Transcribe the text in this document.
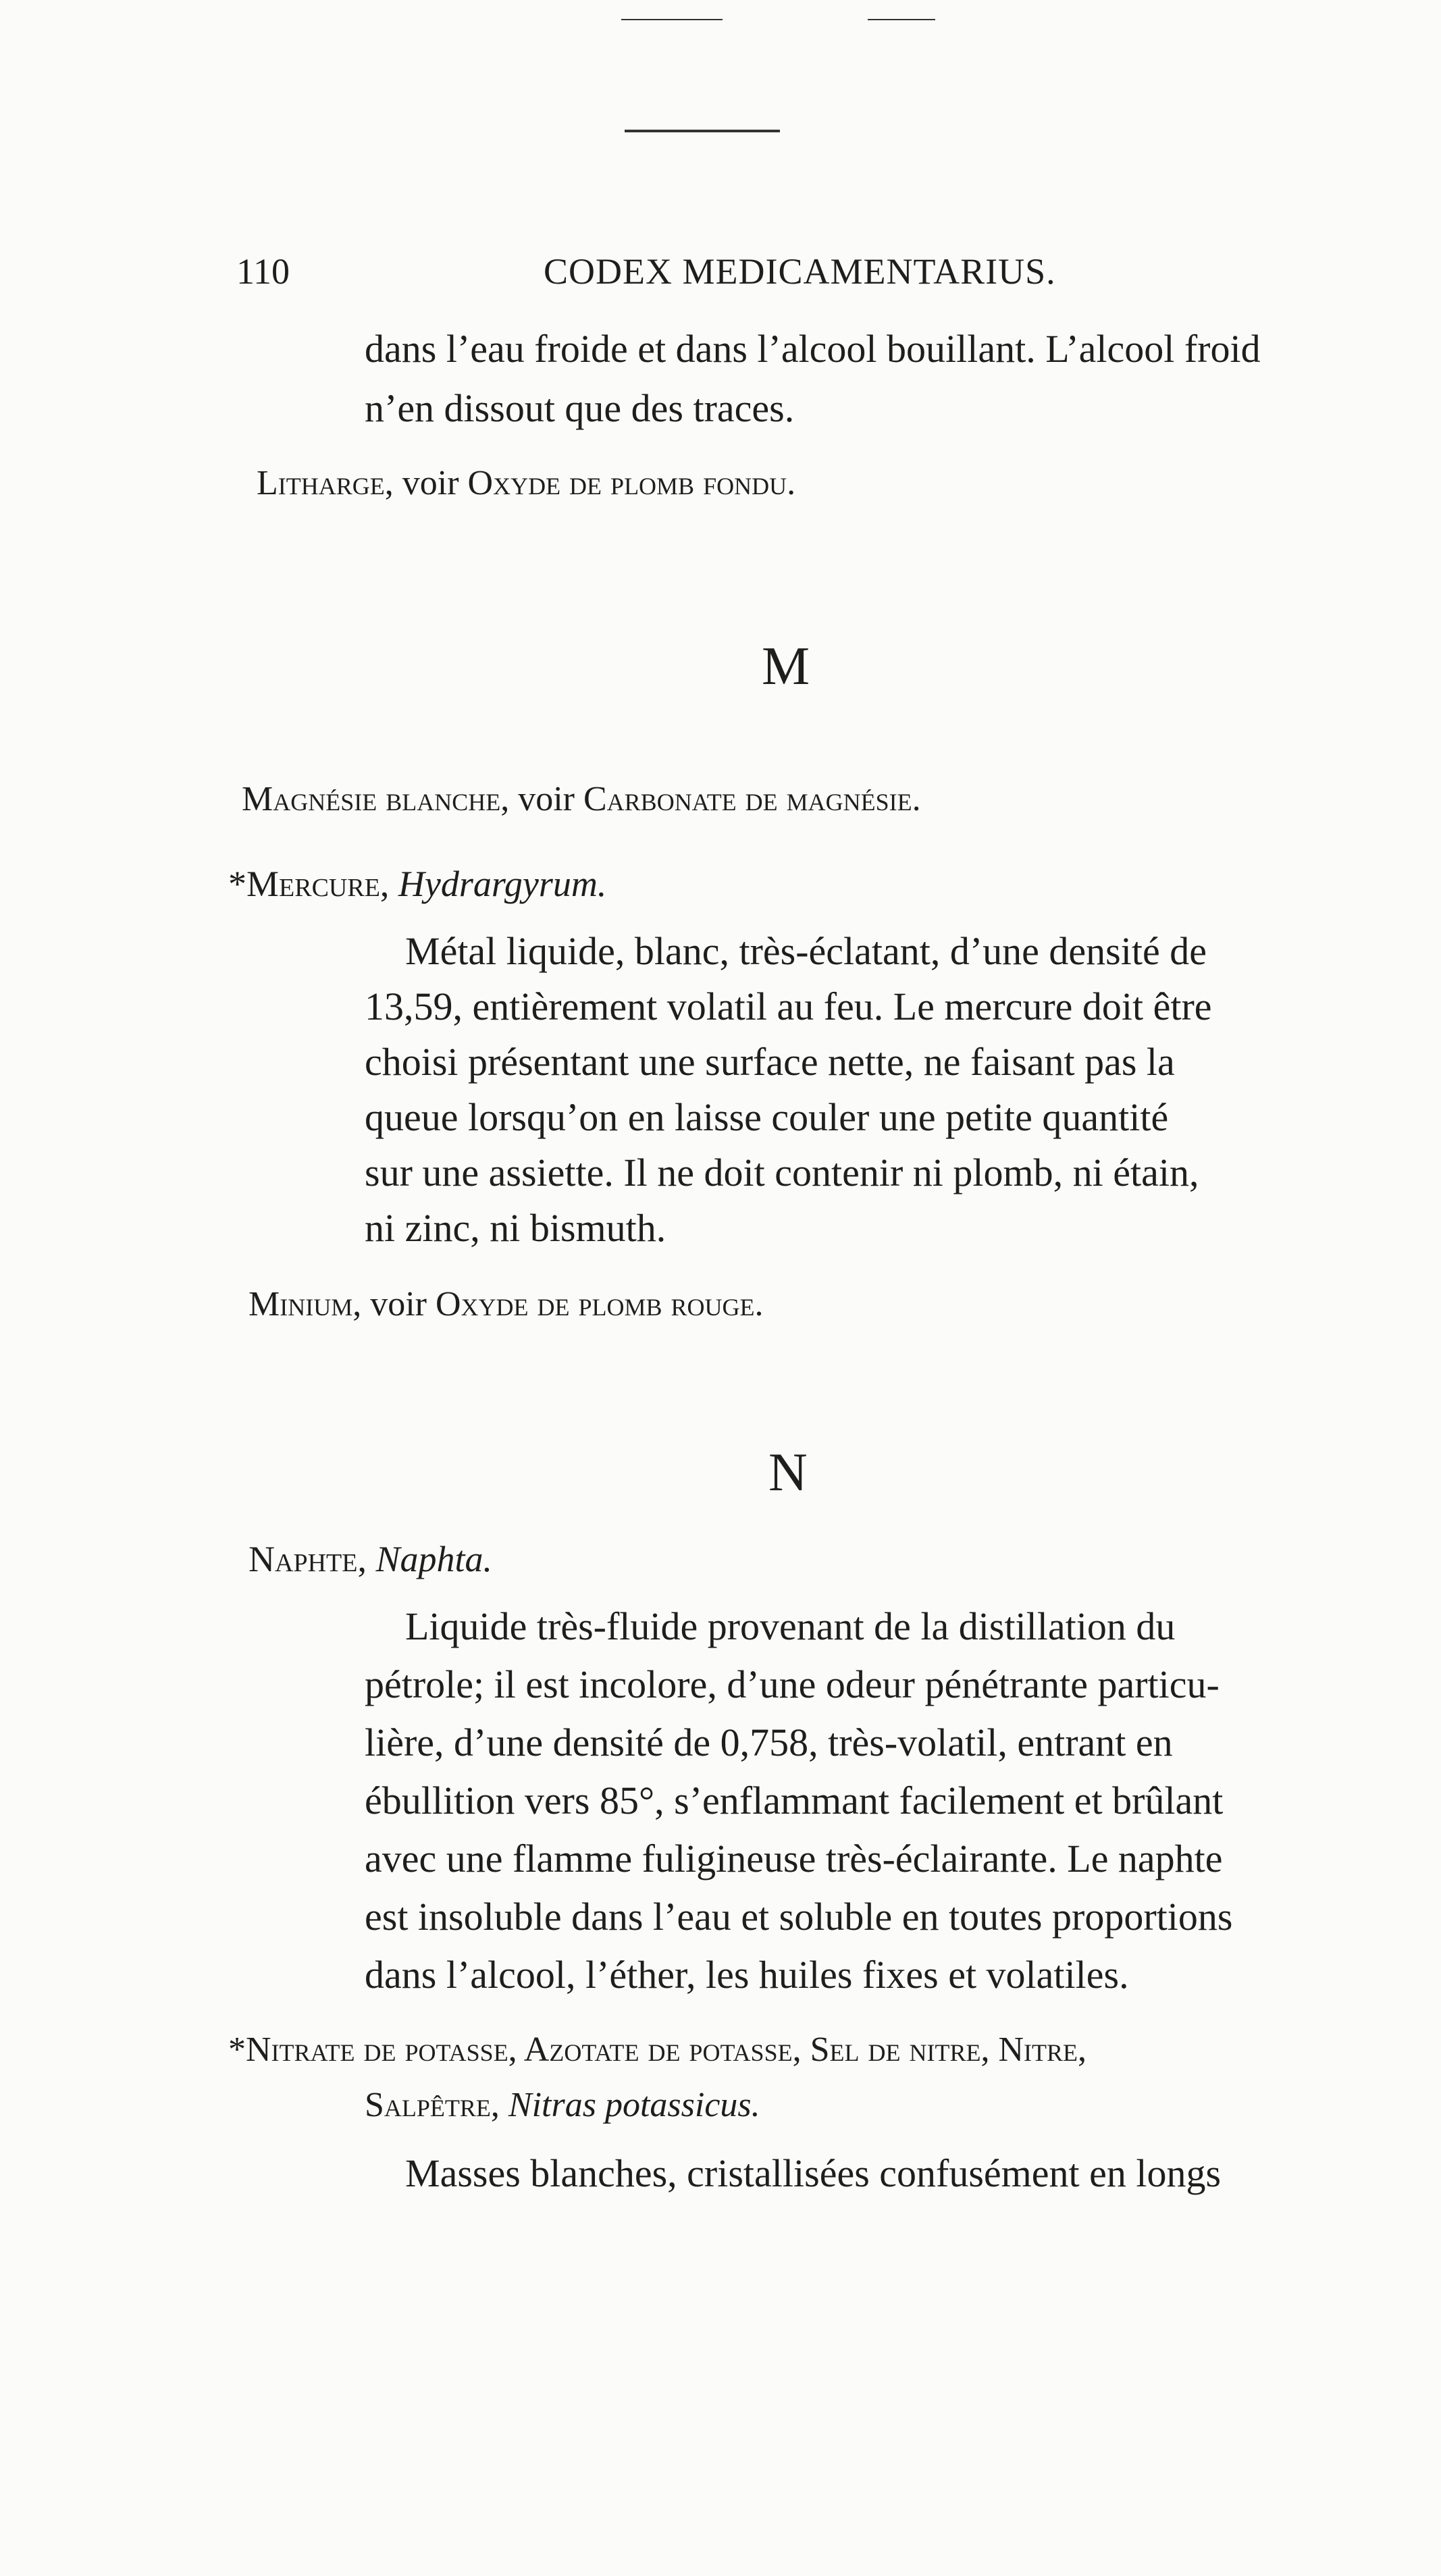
110	CODEX MEDICAMENTARIUS.
dans l’eau froide et dans l’alcool bouillant. L’alcool froid
n’en dissout que des traces.
Litharge, voir Oxyde de plomb fondu.
M
Magnésie blanche, voir Carbonate de magnésie.
*Mercure, Hydrargyrum.
Métal liquide, blanc, très-éclatant, d’une densité de
13,59, entièrement volatil au feu. Le mercure doit être
choisi présentant une surface nette, ne faisant pas la
queue lorsqu’on en laisse couler une petite quantité
sur une assiette. Il ne doit contenir ni plomb, ni étain,
ni zinc, ni bismuth.
Minium, voir Oxyde de plomb rouge.
N
Naphte, Naphta.
Liquide très-fluide provenant de la distillation du
pétrole; il est incolore, d’une odeur pénétrante particu-
lière, d’une densité de 0,758, très-volatil, entrant en
ébullition vers 85°, s’enflammant facilement et brûlant
avec une flamme fuligineuse très-éclairante. Le naphte
est insoluble dans l’eau et soluble en toutes proportions
dans l’alcool, l’éther, les huiles fixes et volatiles.
*Nitrate de potasse, Azotate de potasse, Sel de nitre, Nitre,
Salpêtre, Nitras potassicus.
Masses blanches, cristallisées confusément en longs
